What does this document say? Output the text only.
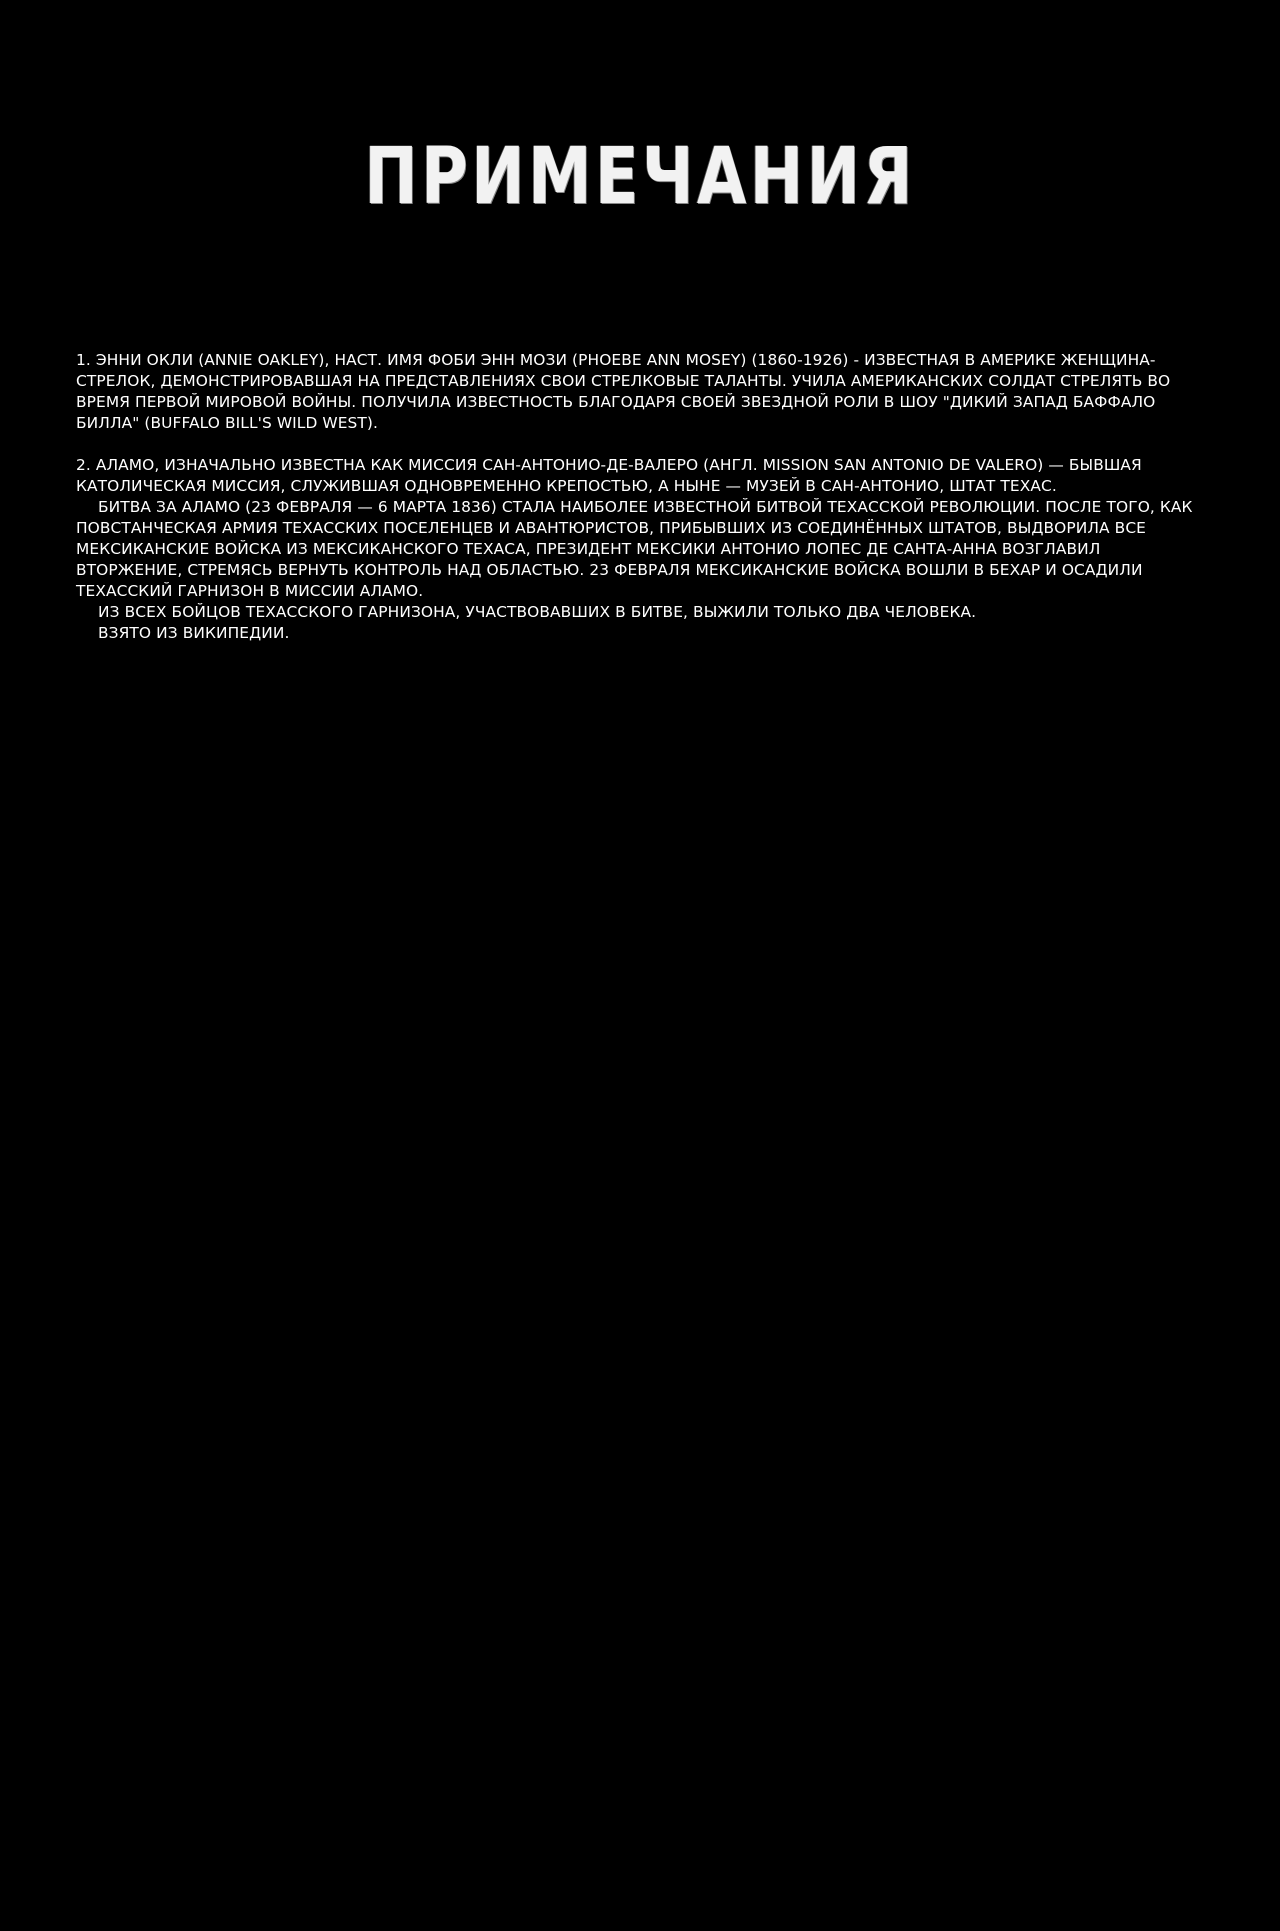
ПРИМЕЧАНИЯ

1. ЭННИ ОКЛИ (ANNIE OAKLEY), НАСТ. ИМЯ ФОБИ ЭНН МОЗИ (PHOEBE ANN MOSEY) (1860-1926) - ИЗВЕСТНАЯ В АМЕРИКЕ ЖЕНЩИНА-СТРЕЛОК, ДЕМОНСТРИРОВАВШАЯ НА ПРЕДСТАВЛЕНИЯХ СВОИ СТРЕЛКОВЫЕ ТАЛАНТЫ. УЧИЛА АМЕРИКАНСКИХ СОЛДАТ СТРЕЛЯТЬ ВО ВРЕМЯ ПЕРВОЙ МИРОВОЙ ВОЙНЫ. ПОЛУЧИЛА ИЗВЕСТНОСТЬ БЛАГОДАРЯ СВОЕЙ ЗВЕЗДНОЙ РОЛИ В ШОУ "ДИКИЙ ЗАПАД БАФФАЛО БИЛЛА" (BUFFALO BILL'S WILD WEST).

2. АЛАМО, ИЗНАЧАЛЬНО ИЗВЕСТНА КАК МИССИЯ САН-АНТОНИО-ДЕ-ВАЛЕРО (АНГЛ. MISSION SAN ANTONIO DE VALERO) — БЫВШАЯ КАТОЛИЧЕСКАЯ МИССИЯ, СЛУЖИВШАЯ ОДНОВРЕМЕННО КРЕПОСТЬЮ, А НЫНЕ — МУЗЕЙ В САН-АНТОНИО, ШТАТ ТЕХАС.

БИТВА ЗА АЛАМО (23 ФЕВРАЛЯ — 6 МАРТА 1836) СТАЛА НАИБОЛЕЕ ИЗВЕСТНОЙ БИТВОЙ ТЕХАССКОЙ РЕВОЛЮЦИИ. ПОСЛЕ ТОГО, КАК ПОВСТАНЧЕСКАЯ АРМИЯ ТЕХАССКИХ ПОСЕЛЕНЦЕВ И АВАНТЮРИСТОВ, ПРИБЫВШИХ ИЗ СОЕДИНЁННЫХ ШТАТОВ, ВЫДВОРИЛА ВСЕ МЕКСИКАНСКИЕ ВОЙСКА ИЗ МЕКСИКАНСКОГО ТЕХАСА, ПРЕЗИДЕНТ МЕКСИКИ АНТОНИО ЛОПЕС ДЕ САНТА-АННА ВОЗГЛАВИЛ ВТОРЖЕНИЕ, СТРЕМЯСЬ ВЕРНУТЬ КОНТРОЛЬ НАД ОБЛАСТЬЮ. 23 ФЕВРАЛЯ МЕКСИКАНСКИЕ ВОЙСКА ВОШЛИ В БЕХАР И ОСАДИЛИ ТЕХАССКИЙ ГАРНИЗОН В МИССИИ АЛАМО.

ИЗ ВСЕХ БОЙЦОВ ТЕХАССКОГО ГАРНИЗОНА, УЧАСТВОВАВШИХ В БИТВЕ, ВЫЖИЛИ ТОЛЬКО ДВА ЧЕЛОВЕКА.

ВЗЯТО ИЗ ВИКИПЕДИИ.
